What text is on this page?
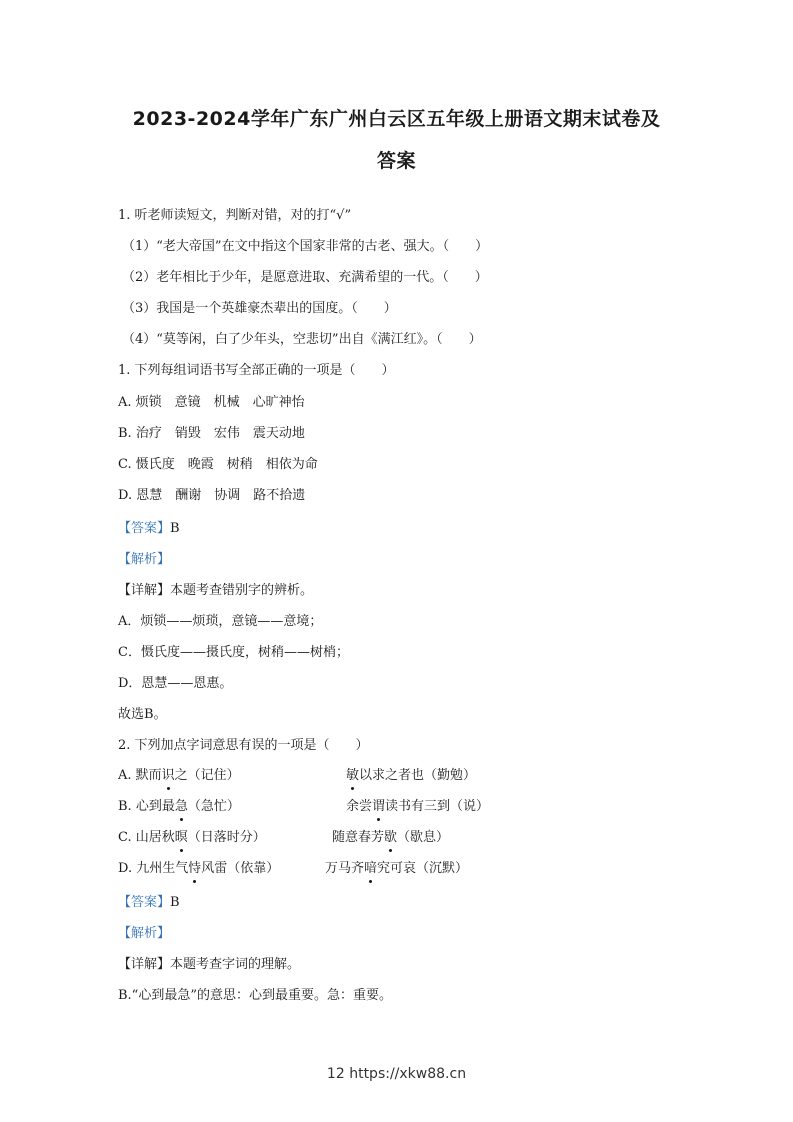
2023-2024学年广东广州白云区五年级上册语文期末试卷及
答案
1. 听老师读短文，判断对错，对的打“√”
（1）“老大帝国”在文中指这个国家非常的古老、强大。（　　）
（2）老年相比于少年，是愿意进取、充满希望的一代。（　　）
（3）我国是一个英雄豪杰辈出的国度。（　　）
（4）“莫等闲，白了少年头，空悲切”出自《满江红》。（　　）
1. 下列每组词语书写全部正确的一项是（　　）
A. 烦锁　意镜　机械　心旷神怡
B. 治疗　销毁　宏伟　震天动地
C. 慑氏度　晚霞　树稍　相依为命
D. 恩慧　酬谢　协调　路不拾遗
【答案】B
【解析】
【详解】本题考查错别字的辨析。
A．烦锁——烦琐，意镜——意境；
C．慑氏度——摄氏度，树稍——树梢；
D．恩慧——恩惠。
故选B。
2. 下列加点字词意思有误的一项是（　　）
A. 默而识之（记住）	敏以求之者也（勤勉）
B. 心到最急（急忙）	余尝谓读书有三到（说）
C. 山居秋暝（日落时分）	随意春芳歇（歇息）
D. 九州生气恃风雷（依靠）	万马齐喑究可哀（沉默）
【答案】B
【解析】
【详解】本题考查字词的理解。
B.“心到最急”的意思：心到最重要。急：重要。
12 https://xkw88.cn
